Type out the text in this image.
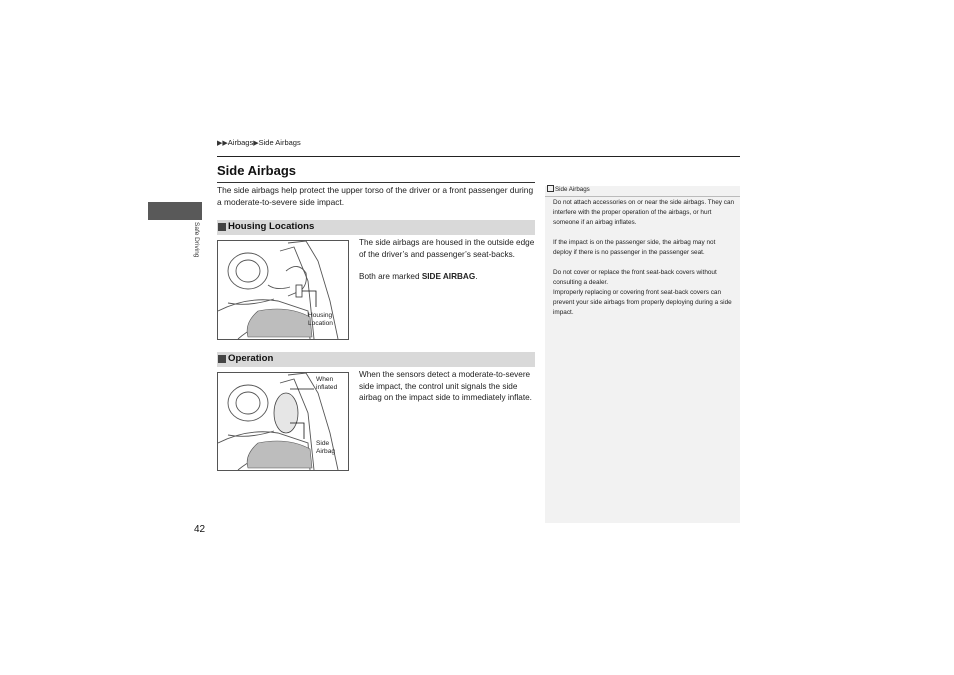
▶▶Airbags▶Side Airbags
Side Airbags
The side airbags help protect the upper torso of the driver or a front passenger during a moderate-to-severe side impact.
Safe Driving	Housing Locations
Housing
Location

The side airbags are housed in the outside edge of the driver’s and passenger’s seat-backs.

Both are marked SIDE AIRBAG.

Operation
When
inflated
Side
Airbag

When the sensors detect a moderate-to-severe side impact, the control unit signals the side airbag on the impact side to immediately inflate.

Side Airbags

Do not attach accessories on or near the side airbags. They can interfere with the proper operation of the airbags, or hurt someone if an airbag inflates.

If the impact is on the passenger side, the airbag may not deploy if there is no passenger in the passenger seat.

Do not cover or replace the front seat-back covers without consulting a dealer.
Improperly replacing or covering front seat-back covers can prevent your side airbags from properly deploying during a side impact.

42
